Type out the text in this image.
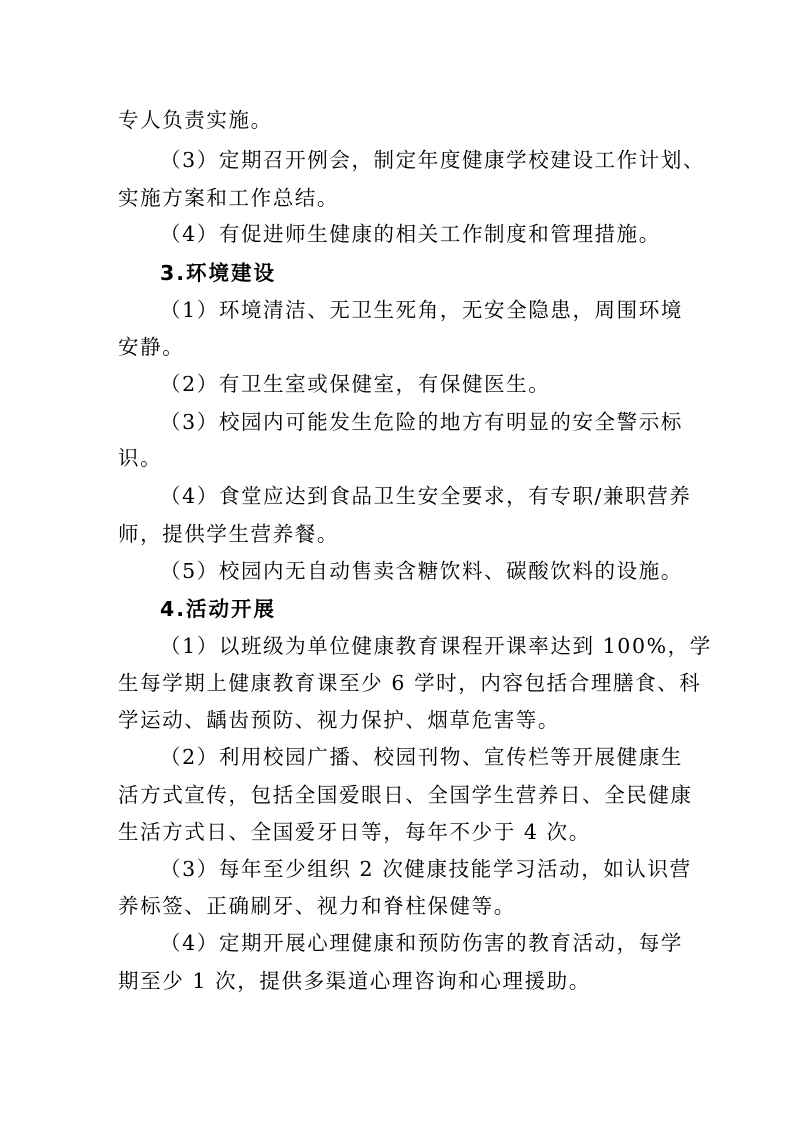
专人负责实施。
（3）定期召开例会，制定年度健康学校建设工作计划、
实施方案和工作总结。
（4）有促进师生健康的相关工作制度和管理措施。
3.环境建设
（1）环境清洁、无卫生死角，无安全隐患，周围环境
安静。
（2）有卫生室或保健室，有保健医生。
（3）校园内可能发生危险的地方有明显的安全警示标
识。
（4）食堂应达到食品卫生安全要求，有专职/兼职营养
师，提供学生营养餐。
（5）校园内无自动售卖含糖饮料、碳酸饮料的设施。
4.活动开展
（1）以班级为单位健康教育课程开课率达到 100%，学
生每学期上健康教育课至少 6 学时，内容包括合理膳食、科
学运动、龋齿预防、视力保护、烟草危害等。
（2）利用校园广播、校园刊物、宣传栏等开展健康生
活方式宣传，包括全国爱眼日、全国学生营养日、全民健康
生活方式日、全国爱牙日等，每年不少于 4 次。
（3）每年至少组织 2 次健康技能学习活动，如认识营
养标签、正确刷牙、视力和脊柱保健等。
（4）定期开展心理健康和预防伤害的教育活动，每学
期至少 1 次，提供多渠道心理咨询和心理援助。
